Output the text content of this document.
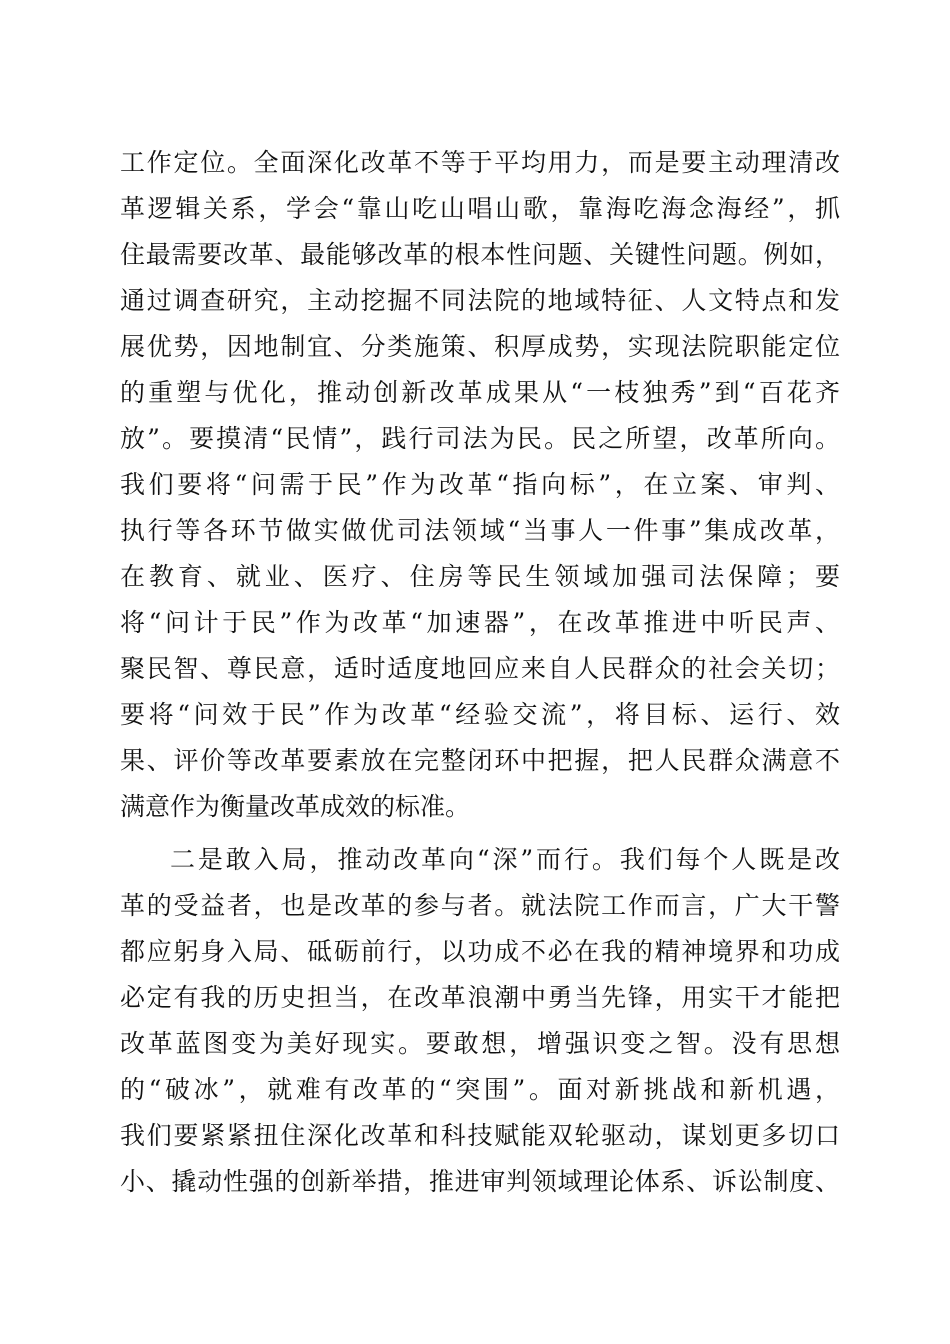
工作定位。全面深化改革不等于平均用力，而是要主动理清改
革逻辑关系，学会“靠山吃山唱山歌，靠海吃海念海经”，抓
住最需要改革、最能够改革的根本性问题、关键性问题。例如，
通过调查研究，主动挖掘不同法院的地域特征、人文特点和发
展优势，因地制宜、分类施策、积厚成势，实现法院职能定位
的重塑与优化，推动创新改革成果从“一枝独秀”到“百花齐
放”。要摸清“民情”，践行司法为民。民之所望，改革所向。
我们要将“问需于民”作为改革“指向标”，在立案、审判、
执行等各环节做实做优司法领域“当事人一件事”集成改革，
在教育、就业、医疗、住房等民生领域加强司法保障；要
将“问计于民”作为改革“加速器”，在改革推进中听民声、
聚民智、尊民意，适时适度地回应来自人民群众的社会关切；
要将“问效于民”作为改革“经验交流”，将目标、运行、效
果、评价等改革要素放在完整闭环中把握，把人民群众满意不
满意作为衡量改革成效的标准。
二是敢入局，推动改革向“深”而行。我们每个人既是改
革的受益者，也是改革的参与者。就法院工作而言，广大干警
都应躬身入局、砥砺前行，以功成不必在我的精神境界和功成
必定有我的历史担当，在改革浪潮中勇当先锋，用实干才能把
改革蓝图变为美好现实。要敢想，增强识变之智。没有思想
的“破冰”，就难有改革的“突围”。面对新挑战和新机遇，
我们要紧紧扭住深化改革和科技赋能双轮驱动，谋划更多切口
小、撬动性强的创新举措，推进审判领域理论体系、诉讼制度、
